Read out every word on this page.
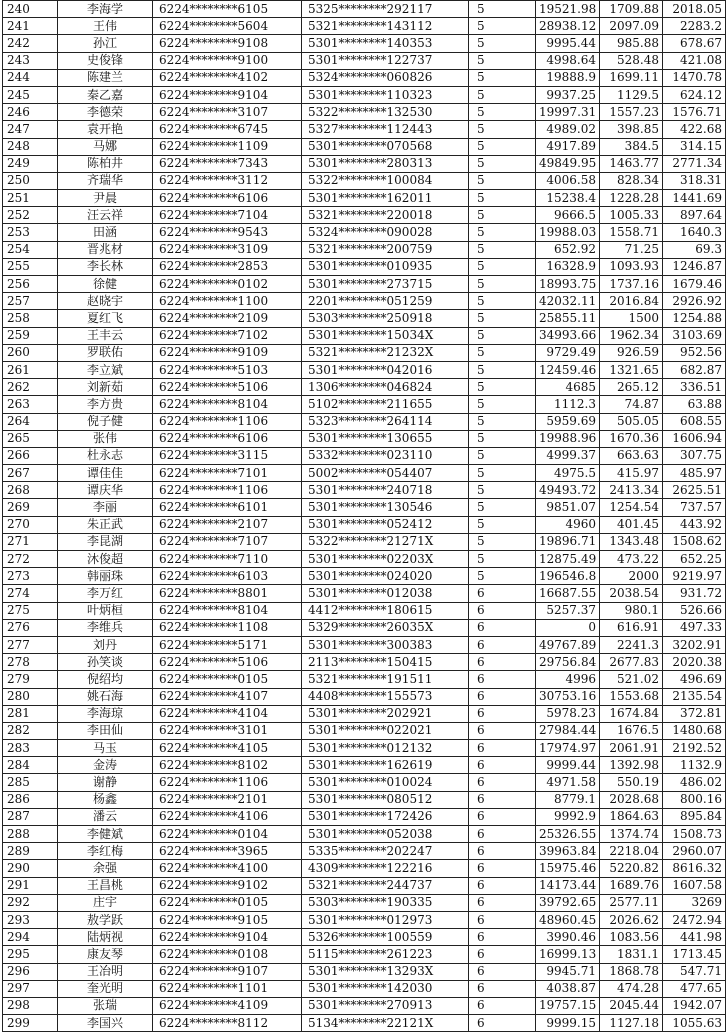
240	李海学	6224********6105	5325********292117	5	19521.98	1709.88	2018.05
241	王伟	6224********5604	5321********143112	5	28938.12	2097.09	2283.2
242	孙江	6224********9108	5301********140353	5	9995.44	985.88	678.67
243	史俊锋	6224********9100	5301********122737	5	4998.64	528.48	421.08
244	陈建兰	6224********4102	5324********060826	5	19888.9	1699.11	1470.78
245	秦乙嘉	6224********9104	5301********110323	5	9937.25	1129.5	624.12
246	李德荣	6224********3107	5322********132530	5	19997.31	1557.23	1576.71
247	袁开艳	6224********6745	5327********112443	5	4989.02	398.85	422.68
248	马娜	6224********1109	5301********070568	5	4917.89	384.5	314.15
249	陈柏井	6224********7343	5301********280313	5	49849.95	1463.77	2771.34
250	齐瑞华	6224********3112	5322********100084	5	4006.58	828.34	318.31
251	尹晨	6224********6106	5301********162011	5	15238.4	1228.28	1441.69
252	汪云祥	6224********7104	5321********220018	5	9666.5	1005.33	897.64
253	田涵	6224********9543	5324********090028	5	19988.03	1558.71	1640.3
254	晋兆材	6224********3109	5321********200759	5	652.92	71.25	69.3
255	李长林	6224********2853	5301********010935	5	16328.9	1093.93	1246.87
256	徐健	6224********0102	5301********273715	5	18993.75	1737.16	1679.46
257	赵晓宇	6224********1100	2201********051259	5	42032.11	2016.84	2926.92
258	夏红飞	6224********2109	5303********250918	5	25855.11	1500	1254.88
259	王丰云	6224********7102	5301********15034X	5	34993.66	1962.34	3103.69
260	罗联佑	6224********9109	5321********21232X	5	9729.49	926.59	952.56
261	李立斌	6224********5103	5301********042016	5	12459.46	1321.65	682.87
262	刘新茹	6224********5106	1306********046824	5	4685	265.12	336.51
263	李方贵	6224********8104	5102********211655	5	1112.3	74.87	63.88
264	倪子健	6224********1106	5323********264114	5	5959.69	505.05	608.55
265	张伟	6224********6106	5301********130655	5	19988.96	1670.36	1606.94
266	杜永志	6224********3115	5332********023110	5	4999.37	663.63	307.75
267	谭佳佳	6224********7101	5002********054407	5	4975.5	415.97	485.97
268	谭庆华	6224********1106	5301********240718	5	49493.72	2413.34	2625.51
269	李丽	6224********6101	5301********130546	5	9851.07	1254.54	737.57
270	朱正武	6224********2107	5301********052412	5	4960	401.45	443.92
271	李昆湖	6224********7107	5322********21271X	5	19896.71	1343.48	1508.62
272	沐俊超	6224********7110	5301********02203X	5	12875.49	473.22	652.25
273	韩丽珠	6224********6103	5301********024020	5	196546.8	2000	9219.97
274	李万红	6224********8801	5301********012038	6	16687.55	2038.54	931.72
275	叶炳桓	6224********8104	4412********180615	6	5257.37	980.1	526.66
276	李维兵	6224********1108	5329********26035X	6	0	616.91	497.33
277	刘丹	6224********5171	5301********300383	6	49767.89	2241.3	3202.91
278	孙笑谈	6224********5106	2113********150415	6	29756.84	2677.83	2020.38
279	倪绍均	6224********0105	5321********191511	6	4996	521.02	496.69
280	姚石海	6224********4107	4408********155573	6	30753.16	1553.68	2135.54
281	李海琼	6224********4104	5301********202921	6	5978.23	1674.84	372.81
282	李田仙	6224********3101	5301********022021	6	27984.44	1676.5	1480.68
283	马玉	6224********4105	5301********012132	6	17974.97	2061.91	2192.52
284	金涛	6224********8102	5301********162619	6	9999.44	1392.98	1132.9
285	谢静	6224********1106	5301********010024	6	4971.58	550.19	486.02
286	杨鑫	6224********2101	5301********080512	6	8779.1	2028.68	800.16
287	潘云	6224********4106	5301********172426	6	9992.9	1864.63	895.84
288	李健斌	6224********0104	5301********052038	6	25326.55	1374.74	1508.73
289	李红梅	6224********3965	5335********202247	6	39963.84	2218.04	2960.07
290	余强	6224********4100	4309********122216	6	15975.46	5220.82	8616.32
291	王昌桃	6224********9102	5321********244737	6	14173.44	1689.76	1607.58
292	庄宇	6224********0105	5303********190335	6	39792.65	2577.11	3269
293	敖学跃	6224********9105	5301********012973	6	48960.45	2026.62	2472.94
294	陆炳视	6224********9104	5326********100559	6	3990.46	1083.56	441.98
295	康友琴	6224********0108	5115********261223	6	16999.13	1831.1	1713.45
296	王冶明	6224********9107	5301********13293X	6	9945.71	1868.78	547.71
297	奎光明	6224********1101	5301********142030	6	4038.87	474.28	477.65
298	张瑞	6224********4109	5301********270913	6	19757.15	2045.44	1942.07
299	李国兴	6224********8112	5134********22121X	6	9999.15	1127.18	1055.63
